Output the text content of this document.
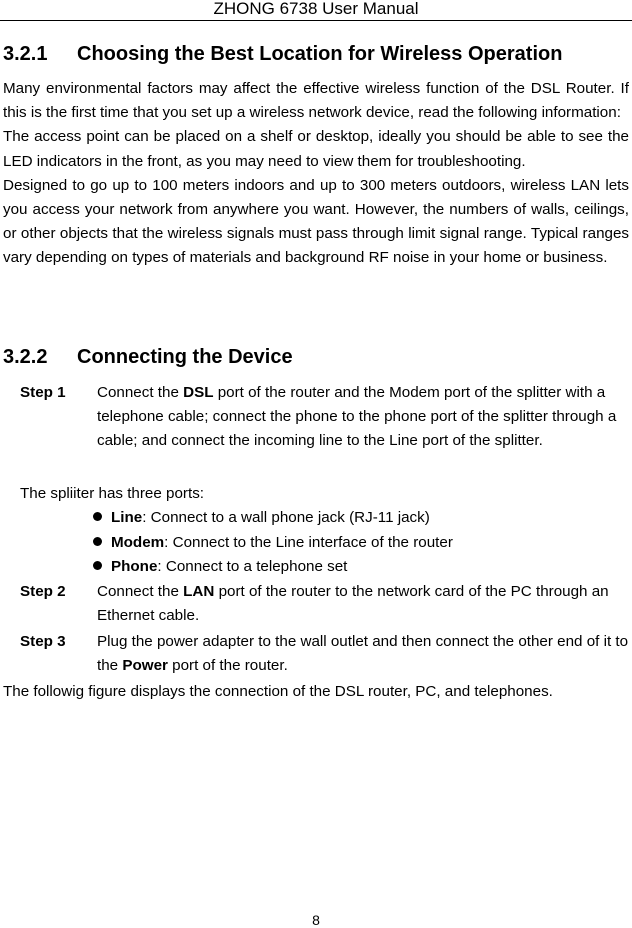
ZHONG 6738 User Manual
3.2.1 Choosing the Best Location for Wireless Operation

Many environmental factors may affect the effective wireless function of the DSL Router. If this is the first time that you set up a wireless network device, read the following information:

The access point can be placed on a shelf or desktop, ideally you should be able to see the LED indicators in the front, as you may need to view them for troubleshooting.

Designed to go up to 100 meters indoors and up to 300 meters outdoors, wireless LAN lets you access your network from anywhere you want. However, the numbers of walls, ceilings, or other objects that the wireless signals must pass through limit signal range. Typical ranges vary depending on types of materials and background RF noise in your home or business.

3.2.2 Connecting the Device
Step 1 Connect the DSL port of the router and the Modem port of the splitter with a telephone cable; connect the phone to the phone port of the splitter through a cable; and connect the incoming line to the Line port of the splitter.
The spliiter has three ports:
Line: Connect to a wall phone jack (RJ-11 jack)
Modem: Connect to the Line interface of the router
Phone: Connect to a telephone set
Step 2 Connect the LAN port of the router to the network card of the PC through an Ethernet cable.
Step 3 Plug the power adapter to the wall outlet and then connect the other end of it to the Power port of the router.
The followig figure displays the connection of the DSL router, PC, and telephones.
8
